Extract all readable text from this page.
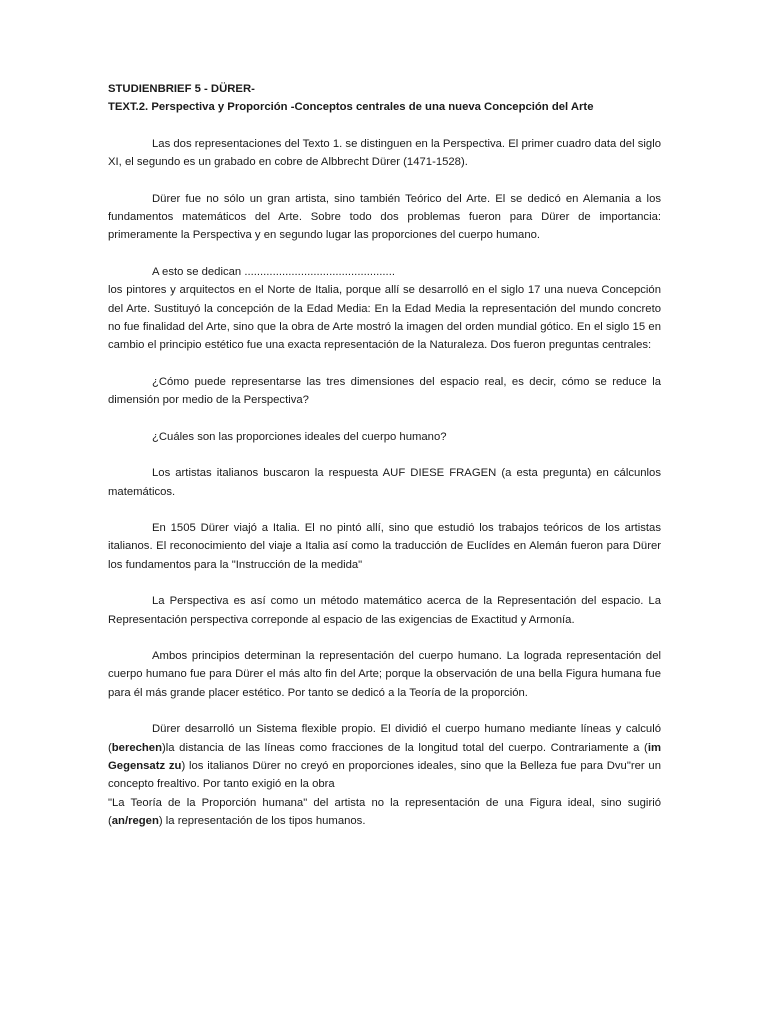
STUDIENBRIEF 5 - DÜRER-

TEXT.2. Perspectiva y Proporción -Conceptos centrales de una nueva Concepción del Arte

Las dos representaciones del Texto 1. se distinguen en la Perspectiva. El primer cuadro data del siglo XI, el segundo es un grabado en cobre de Albbrecht Dürer (1471-1528).

Dürer fue no sólo un gran artista, sino también Teórico del Arte. El se dedicó en Alemania a los fundamentos matemáticos del Arte. Sobre todo dos problemas fueron para Dürer de importancia: primeramente la Perspectiva y en segundo lugar las proporciones del cuerpo humano.

A esto se dedican ................................................

los pintores y arquitectos en el Norte de Italia, porque allí se desarrolló en el siglo 17 una nueva Concepción del Arte. Sustituyó la concepción de la Edad Media: En la Edad Media la representación del mundo concreto no fue finalidad del Arte, sino que la obra de Arte mostró la imagen del orden mundial gótico. En el siglo 15 en cambio el principio estético fue una exacta representación de la Naturaleza. Dos fueron preguntas centrales:

¿Cómo puede representarse las tres dimensiones del espacio real, es decir, cómo se reduce la dimensión por medio de la Perspectiva?

¿Cuáles son las proporciones ideales del cuerpo humano?

Los artistas italianos buscaron la respuesta AUF DIESE FRAGEN (a esta pregunta) en cálcunlos matemáticos.

En 1505 Dürer viajó a Italia. El no pintó allí, sino que estudió los trabajos teóricos de los artistas italianos. El reconocimiento del viaje a Italia así como la traducción de Euclídes en Alemán fueron para Dürer los fundamentos para la "Instrucción de la medida"

La Perspectiva es así como un método matemático acerca de la Representación del espacio. La Representación perspectiva correponde al espacio de las exigencias de Exactitud y Armonía.

Ambos principios determinan la representación del cuerpo humano. La lograda representación del cuerpo humano fue para Dürer el más alto fin del Arte; porque la observación de una bella Figura humana fue para él más grande placer estético. Por tanto se dedicó a la Teoría de la proporción.

Dürer desarrolló un Sistema flexible propio. El dividió el cuerpo humano mediante líneas y calculó (berechen)la distancia de las líneas como fracciones de la longitud total del cuerpo. Contrariamente a (im Gegensatz zu) los italianos Dürer no creyó en proporciones ideales, sino que la Belleza fue para Dvu"rer un concepto frealtivo. Por tanto exigió en la obra

"La Teoría de la Proporción humana" del artista no la representación de una Figura ideal, sino sugirió (an/regen) la representación de los tipos humanos.
